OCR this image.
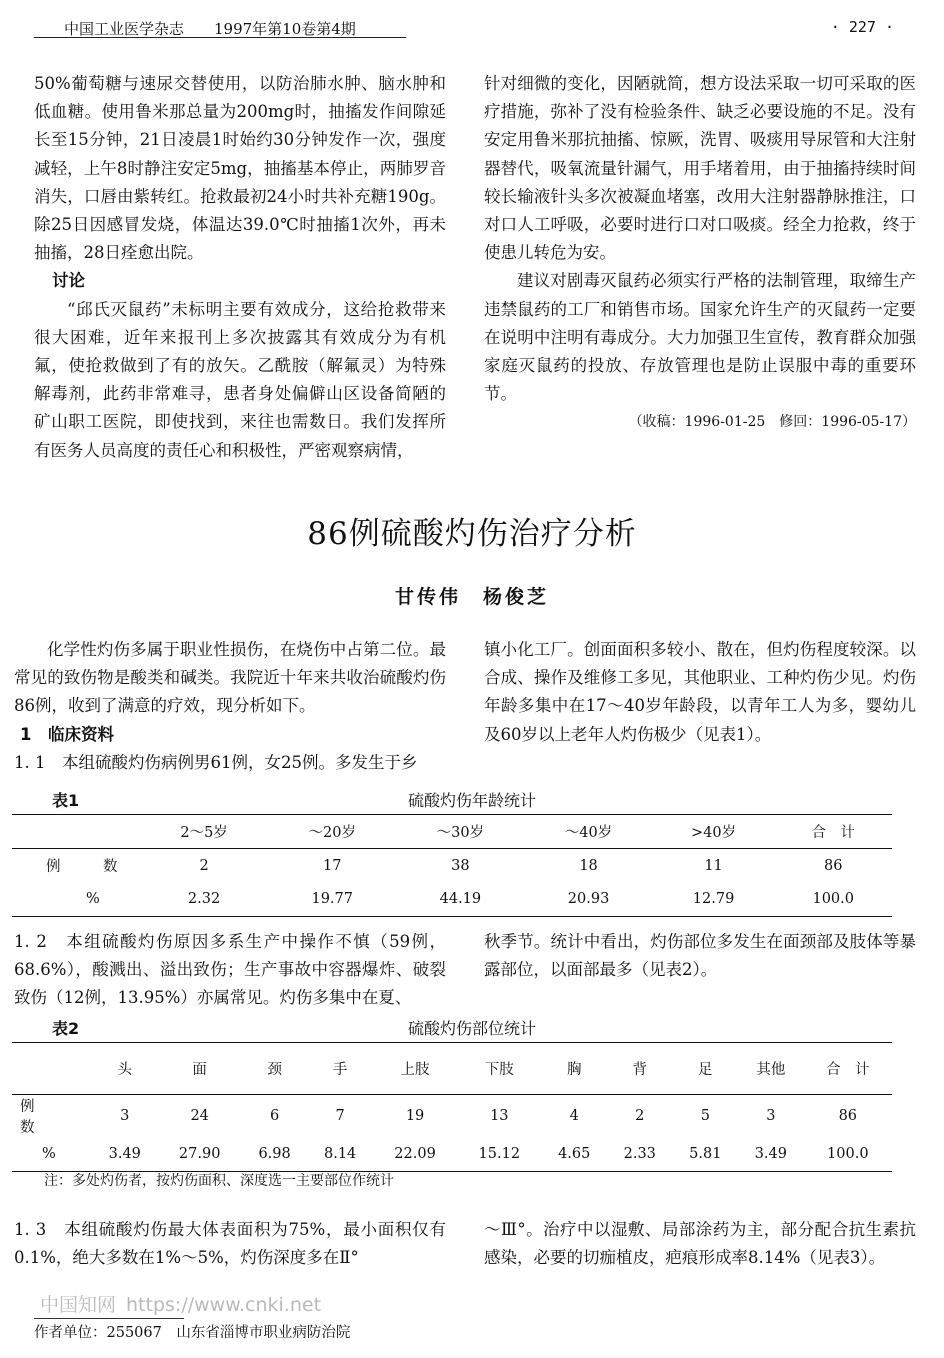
中国工业医学杂志　　1997年第10卷第4期	· 227 ·

50%葡萄糖与速尿交替使用，以防治肺水肿、脑水肿和低血糖。使用鲁米那总量为200mg时，抽搐发作间隙延长至15分钟，21日凌晨1时始约30分钟发作一次，强度减轻，上午8时静注安定5mg，抽搐基本停止，两肺罗音消失，口唇由紫转红。抢救最初24小时共补充糖190g。除25日因感冒发烧，体温达39.0℃时抽搐1次外，再未抽搐，28日痊愈出院。

讨论

“邱氏灭鼠药”未标明主要有效成分，这给抢救带来很大困难，近年来报刊上多次披露其有效成分为有机氟，使抢救做到了有的放矢。乙酰胺（解氟灵）为特殊解毒剂，此药非常难寻，患者身处偏僻山区设备简陋的矿山职工医院，即使找到，来往也需数日。我们发挥所有医务人员高度的责任心和积极性，严密观察病情，

针对细微的变化，因陋就简，想方设法采取一切可采取的医疗措施，弥补了没有检验条件、缺乏必要设施的不足。没有安定用鲁米那抗抽搐、惊厥，洗胃、吸痰用导尿管和大注射器替代，吸氧流量针漏气，用手堵着用，由于抽搐持续时间较长输液针头多次被凝血堵塞，改用大注射器静脉推注，口对口人工呼吸，必要时进行口对口吸痰。经全力抢救，终于使患儿转危为安。

建议对剧毒灭鼠药必须实行严格的法制管理，取缔生产违禁鼠药的工厂和销售市场。国家允许生产的灭鼠药一定要在说明中注明有毒成分。大力加强卫生宣传，教育群众加强家庭灭鼠药的投放、存放管理也是防止误服中毒的重要环节。

（收稿：1996-01-25　修回：1996-05-17）

86例硫酸灼伤治疗分析
甘传伟　杨俊芝

化学性灼伤多属于职业性损伤，在烧伤中占第二位。最常见的致伤物是酸类和碱类。我院近十年来共收治硫酸灼伤86例，收到了满意的疗效，现分析如下。

1　临床资料

1. 1　本组硫酸灼伤病例男61例，女25例。多发生于乡

镇小化工厂。创面面积多较小、散在，但灼伤程度较深。以合成、操作及维修工多见，其他职业、工种灼伤少见。灼伤年龄多集中在17～40岁年龄段，以青年工人为多，婴幼儿及60岁以上老年人灼伤极少（见表1）。

表1	硫酸灼伤年龄统计
	2～5岁	～20岁	～30岁	～40岁	>40岁	合　计
例　数	2	17	38	18	11	86
%	2.32	19.77	44.19	20.93	12.79	100.0

1. 2　本组硫酸灼伤原因多系生产中操作不慎（59例，68.6%），酸溅出、溢出致伤；生产事故中容器爆炸、破裂致伤（12例，13.95%）亦属常见。灼伤多集中在夏、

秋季节。统计中看出，灼伤部位多发生在面颈部及肢体等暴露部位，以面部最多（见表2）。

表2	硫酸灼伤部位统计
	头	面	颈	手	上肢	下肢	胸	背	足	其他	合　计
例　数	3	24	6	7	19	13	4	2	5	3	86
%	3.49	27.90	6.98	8.14	22.09	15.12	4.65	2.33	5.81	3.49	100.0
注：多处灼伤者，按灼伤面积、深度选一主要部位作统计

1. 3　本组硫酸灼伤最大体表面积为75%，最小面积仅有0.1%，绝大多数在1%～5%，灼伤深度多在Ⅱ°

～Ⅲ°。治疗中以湿敷、局部涂药为主，部分配合抗生素抗感染，必要的切痂植皮，疤痕形成率8.14%（见表3）。

中国知网 https://www.cnki.net
作者单位：255067　山东省淄博市职业病防治院
